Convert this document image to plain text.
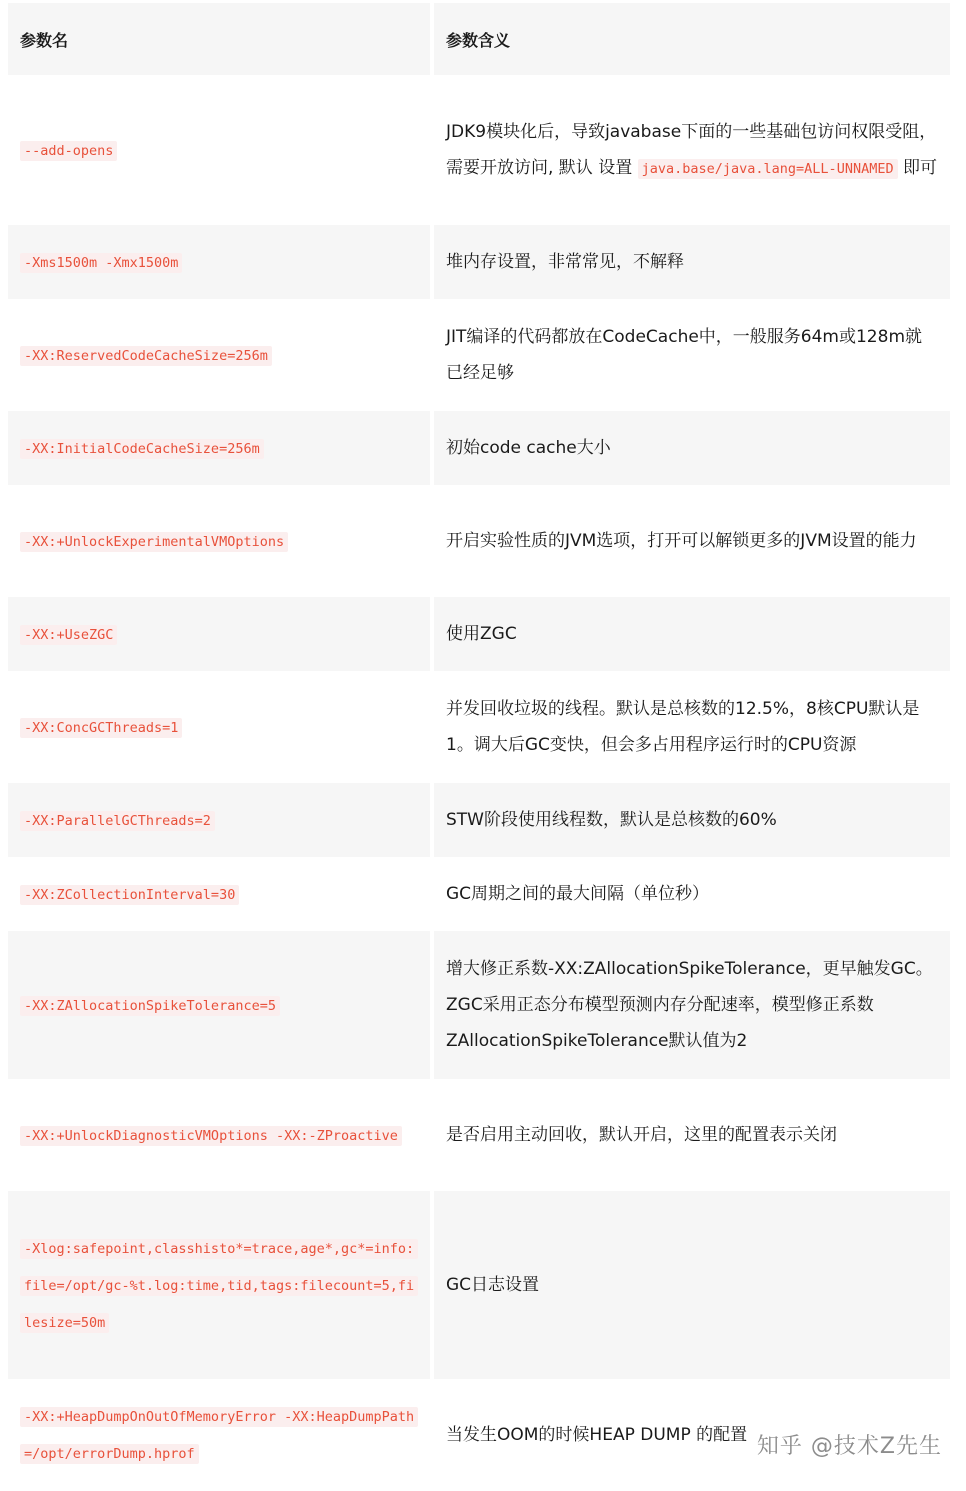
参数名	参数含义
--add-opens	JDK9模块化后，导致javabase下面的一些基础包访问权限受阻， 需要开放访问, 默认 设置 java.base/java.lang=ALL-UNNAMED 即可
-Xms1500m -Xmx1500m	堆内存设置，非常常见，不解释
-XX:ReservedCodeCacheSize=256m	JIT编译的代码都放在CodeCache中，一般服务64m或128m就已经足够
-XX:InitialCodeCacheSize=256m	初始code cache大小
-XX:+UnlockExperimentalVMOptions	开启实验性质的JVM选项，打开可以解锁更多的JVM设置的能力
-XX:+UseZGC	使用ZGC
-XX:ConcGCThreads=1	并发回收垃圾的线程。默认是总核数的12.5%，8核CPU默认是1。调大后GC变快，但会多占用程序运行时的CPU资源
-XX:ParallelGCThreads=2	STW阶段使用线程数，默认是总核数的60%
-XX:ZCollectionInterval=30	GC周期之间的最大间隔（单位秒）
-XX:ZAllocationSpikeTolerance=5	增大修正系数-XX:ZAllocationSpikeTolerance，更早触发GC。ZGC采用正态分布模型预测内存分配速率，模型修正系数ZAllocationSpikeTolerance默认值为2
-XX:+UnlockDiagnosticVMOptions -XX:-ZProactive	是否启用主动回收，默认开启，这里的配置表示关闭
-Xlog:safepoint,classhisto*=trace,age*,gc*=info:file=/opt/gc-%t.log:time,tid,tags:filecount=5,filesize=50m	GC日志设置
-XX:+HeapDumpOnOutOfMemoryError -XX:HeapDumpPath=/opt/errorDump.hprof	当发生OOM的时候HEAP DUMP 的配置 知乎 @技术Z先生
